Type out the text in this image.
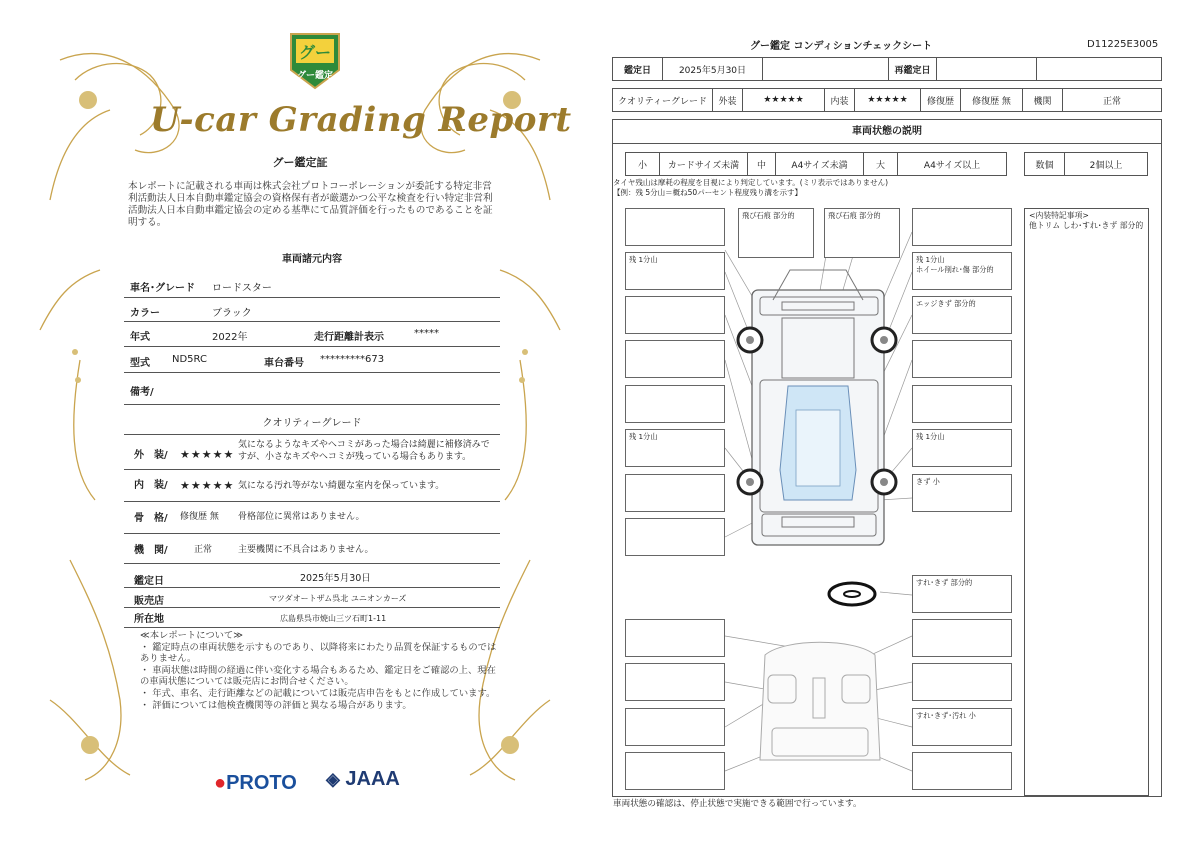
グー
グー鑑定
U-car Grading Report
グー鑑定証
本レポートに記載される車両は株式会社プロトコーポレーションが委託する特定非営利活動法人日本自動車鑑定協会の資格保有者が厳選かつ公平な検査を行い特定非営利活動法人日本自動車鑑定協会の定める基準にて品質評価を行ったものであることを証明する。
車両諸元内容
車名･グレード ロードスター
カラー	ブラック
年式	2022年	走行距離計表示	*****
型式 ND5RC	車台番号 *********673
備考/
クオリティーグレード
外　装/ ★★★★★
気になるようなキズやヘコミがあった場合は綺麗に補修済みですが、小さなキズやヘコミが残っている場合もあります。
内　装/ ★★★★★ 気になる汚れ等がない綺麗な室内を保っています。
骨　格/ 修復歴 無 骨格部位に異常はありません。
機　関/	正常	主要機関に不具合はありません。
鑑定日	2025年5月30日
販売店	マツダオートザム呉北 ユニオンカーズ
所在地	広島県呉市焼山三ツ石町1-11
≪本レポートについて≫
・ 鑑定時点の車両状態を示すものであり、以降将来にわたり品質を保証するものではありません。
・ 車両状態は時間の経過に伴い変化する場合もあるため、鑑定日をご確認の上、現在の車両状態については販売店にお問合せください。
・ 年式、車名、走行距離などの記載については販売店申告をもとに作成しています。
・ 評価については他検査機関等の評価と異なる場合があります。
●PROTO ◈ JAAA
グー鑑定 コンディションチェックシート	D11225E3005
鑑定日	2025年5月30日		再鑑定日		
クオリティーグレード	外装	★★★★★	内装	★★★★★	修復歴	修復歴 無	機関	正常
車両状態の説明
小	カードサイズ未満	中	A4サイズ未満	大	A4サイズ以上	数個	2個以上
タイヤ残山は摩耗の程度を目視により判定しています。(ミリ表示ではありません)
【例：残 5分山＝概ね50パーセント程度残り溝を示す】
飛び石痕 部分的	飛び石痕 部分的
残 1分山	残 1分山
ホイール削れ･傷 部分的
エッジきず 部分的
残 1分山	残 1分山
きず 小
すれ･きず 部分的
すれ･きず･汚れ 小
<内装特記事項>
他トリム しわ･すれ･きず 部分的
車両状態の確認は、停止状態で実施できる範囲で行っています。
